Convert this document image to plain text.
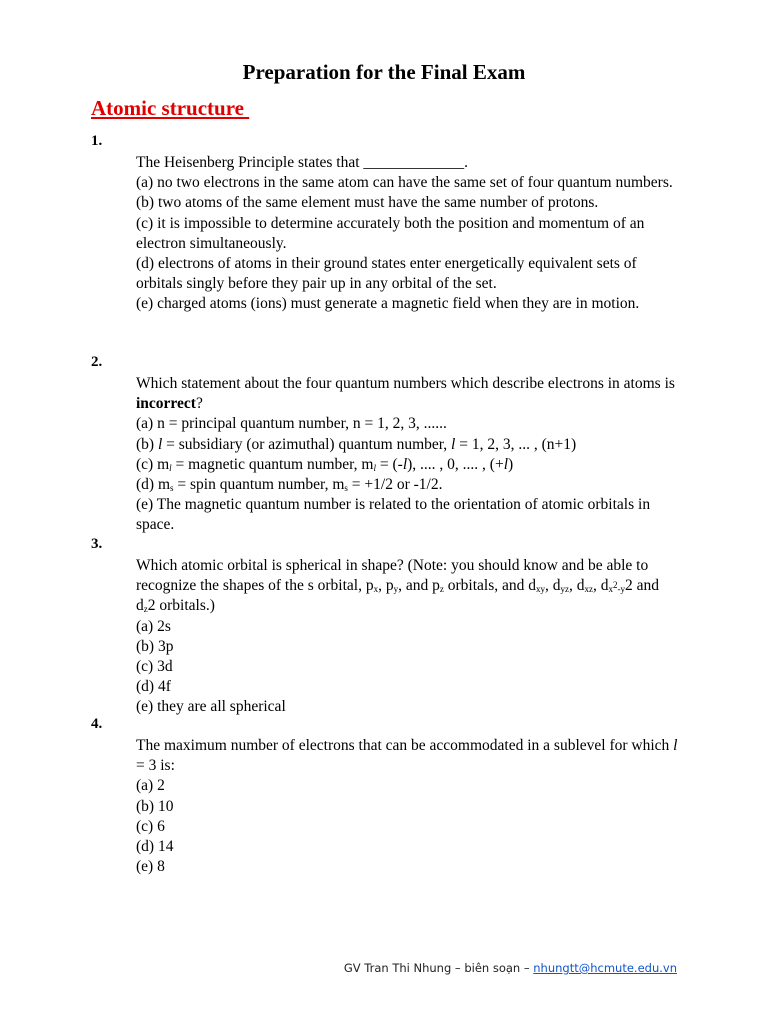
Preparation for the Final Exam
Atomic structure
1.
The Heisenberg Principle states that _____________.
(a) no two electrons in the same atom can have the same set of four quantum numbers.
(b) two atoms of the same element must have the same number of protons.
(c) it is impossible to determine accurately both the position and momentum of an electron simultaneously.
(d) electrons of atoms in their ground states enter energetically equivalent sets of orbitals singly before they pair up in any orbital of the set.
(e) charged atoms (ions) must generate a magnetic field when they are in motion.
2.
Which statement about the four quantum numbers which describe electrons in atoms is incorrect?
(a) n = principal quantum number, n = 1, 2, 3, ......
(b) l = subsidiary (or azimuthal) quantum number, l = 1, 2, 3, ... , (n+1)
(c) $m_l$ = magnetic quantum number, $m_l = (-l)$, .... , 0, .... , (+l)
(d) $m_s$ = spin quantum number, $m_s = +1/2$ or -1/2.
(e) The magnetic quantum number is related to the orientation of atomic orbitals in space.
3.
Which atomic orbital is spherical in shape? (Note: you should know and be able to recognize the shapes of the s orbital, $p_x$, $p_y$, and $p_z$ orbitals, and $d_{xy}$, $d_{yz}$, $d_{xz}$, $d_{x^2-y}2$ and $d_z2$ orbitals.)
(a) 2s
(b) 3p
(c) 3d
(d) 4f
(e) they are all spherical
4.
The maximum number of electrons that can be accommodated in a sublevel for which l = 3 is:
(a) 2
(b) 10
(c) 6
(d) 14
(e) 8
GV Tran Thi Nhung – biên soạn – nhungtt@hcmute.edu.vn
